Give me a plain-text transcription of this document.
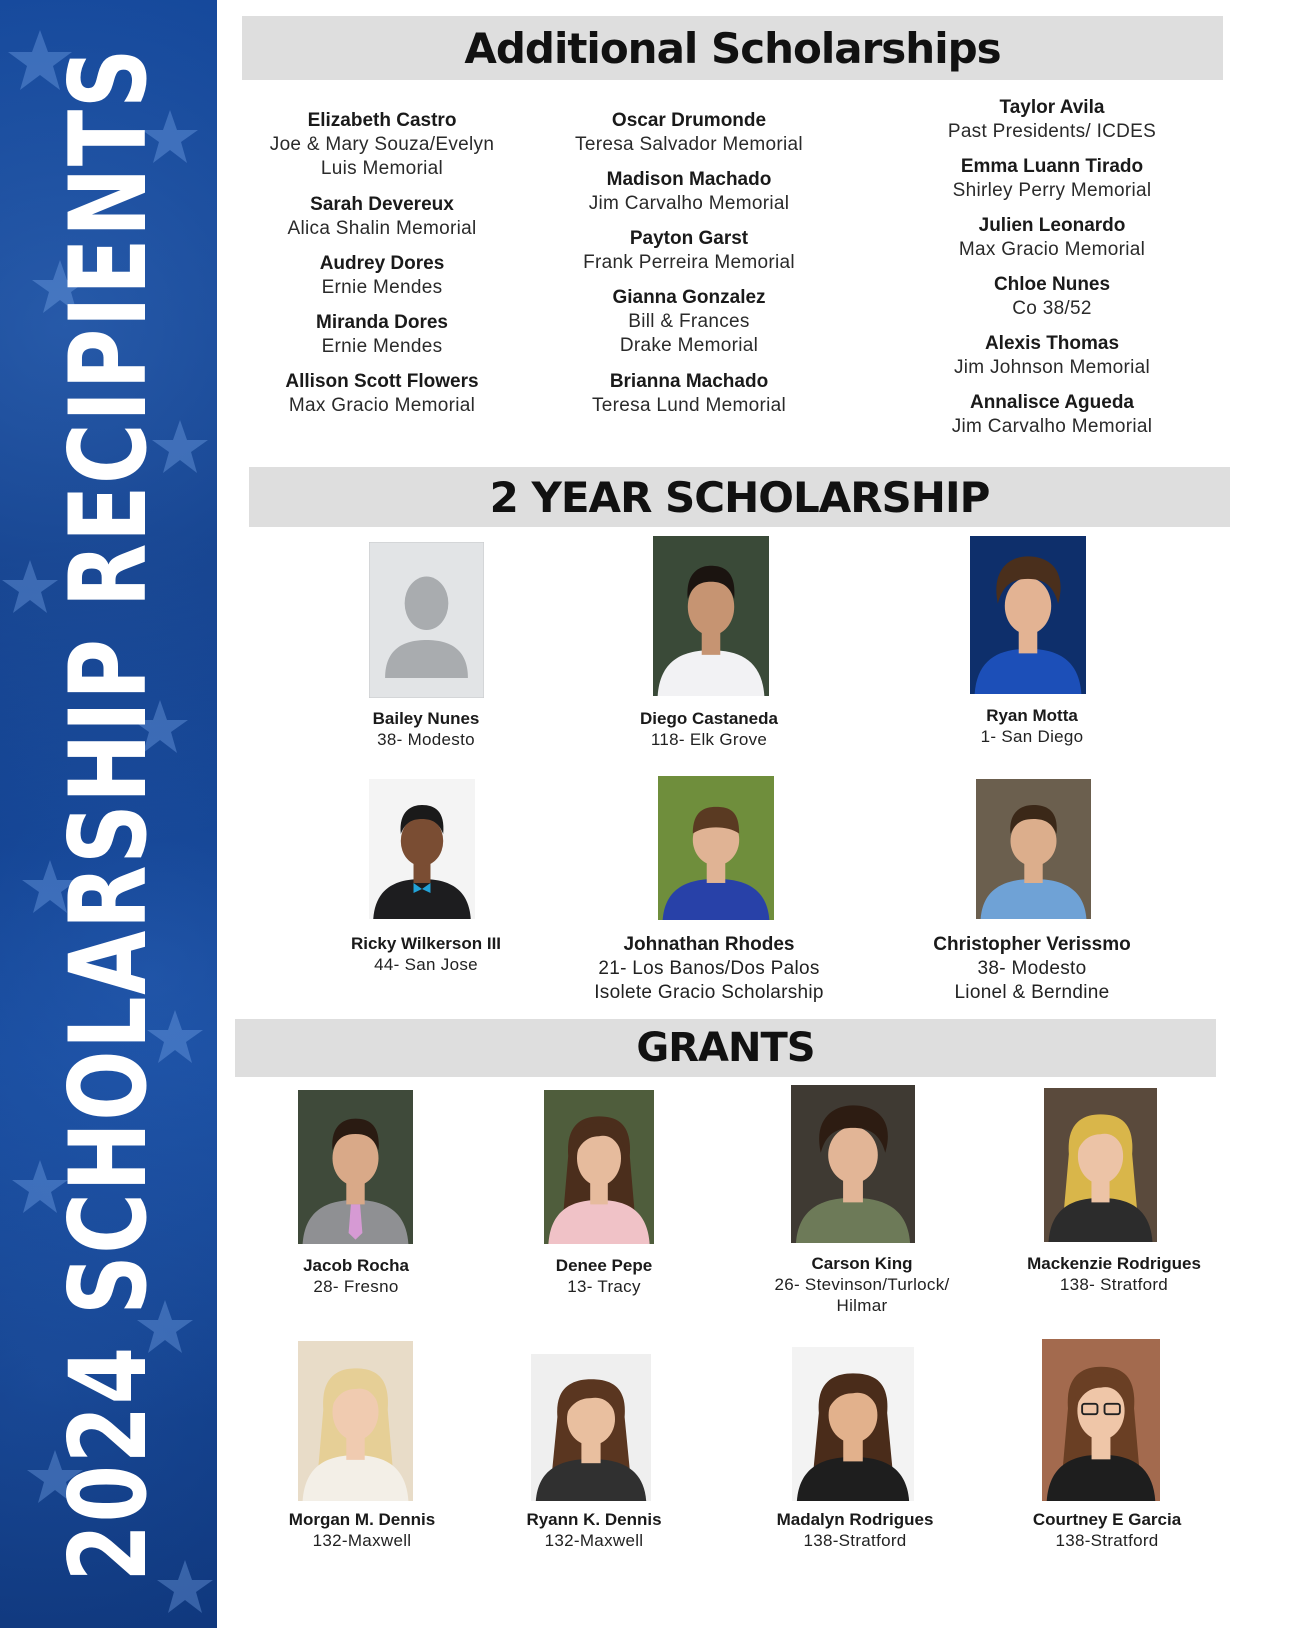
2024 SCHOLARSHIP RECIPIENTS	Additional Scholarships
Elizabeth Castro
Joe & Mary Souza/Evelyn
Luis Memorial
Sarah Devereux
Alica Shalin Memorial
Audrey Dores
Ernie Mendes
Miranda Dores
Ernie Mendes
Allison Scott Flowers
Max Gracio Memorial
Oscar Drumonde
Teresa Salvador Memorial
Madison Machado
Jim Carvalho Memorial
Payton Garst
Frank Perreira Memorial
Gianna Gonzalez
Bill & Frances
Drake Memorial
Brianna Machado
Teresa Lund Memorial
Taylor Avila
Past Presidents/ ICDES
Emma Luann Tirado
Shirley Perry Memorial
Julien Leonardo
Max Gracio Memorial
Chloe Nunes
Co 38/52
Alexis Thomas
Jim Johnson Memorial
Annalisce Agueda
Jim Carvalho Memorial
2 YEAR SCHOLARSHIP
GRANTS
Bailey Nunes
38- Modesto
Diego Castaneda
118- Elk Grove
Ryan Motta
1- San Diego
Ricky Wilkerson III
44- San Jose
Johnathan Rhodes
21- Los Banos/Dos Palos
Isolete Gracio Scholarship
Christopher Verissmo
38- Modesto
Lionel & Berndine
Jacob Rocha
28- Fresno
Denee Pepe
13- Tracy
Carson King
26- Stevinson/Turlock/
Hilmar
Mackenzie Rodrigues
138- Stratford
Morgan M. Dennis
132-Maxwell
Ryann K. Dennis
132-Maxwell
Madalyn Rodrigues
138-Stratford
Courtney E Garcia
138-Stratford
